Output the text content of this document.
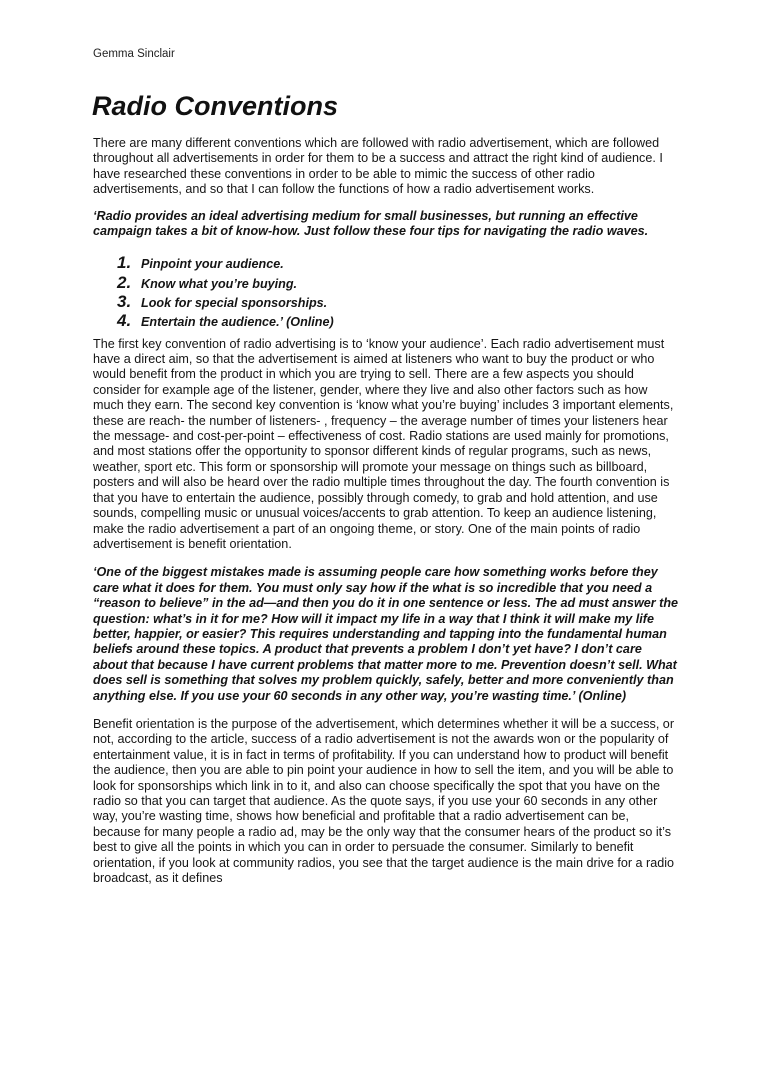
Gemma Sinclair
Radio Conventions

There are many different conventions which are followed with radio advertisement, which are followed throughout all advertisements in order for them to be a success and attract the right kind of audience. I have researched these conventions in order to be able to mimic the success of other radio advertisements, and so that I can follow the functions of how a radio advertisement works.

‘Radio provides an ideal advertising medium for small businesses, but running an effective campaign takes a bit of know-how. Just follow these four tips for navigating the radio waves.

1. Pinpoint your audience.
2. Know what you’re buying.
3. Look for special sponsorships.
4. Entertain the audience.’ (Online)

The first key convention of radio advertising is to ‘know your audience’. Each radio advertisement must have a direct aim, so that the advertisement is aimed at listeners who want to buy the product or who would benefit from the product in which you are trying to sell. There are a few aspects you should consider for example age of the listener, gender, where they live and also other factors such as how much they earn. The second key convention is ‘know what you’re buying’ includes 3 important elements, these are reach- the number of listeners- , frequency – the average number of times your listeners hear the message- and cost-per-point – effectiveness of cost. Radio stations are used mainly for promotions, and most stations offer the opportunity to sponsor different kinds of regular programs, such as news, weather, sport etc. This form or sponsorship will promote your message on things such as billboard, posters and will also be heard over the radio multiple times throughout the day. The fourth convention is that you have to entertain the audience, possibly through comedy, to grab and hold attention, and use sounds, compelling music or unusual voices/accents to grab attention. To keep an audience listening, make the radio advertisement a part of an ongoing theme, or story. One of the main points of radio advertisement is benefit orientation.

‘One of the biggest mistakes made is assuming people care how something works before they care what it does for them. You must only say how if the what is so incredible that you need a “reason to believe” in the ad—and then you do it in one sentence or less. The ad must answer the question: what’s in it for me? How will it impact my life in a way that I think it will make my life better, happier, or easier? This requires understanding and tapping into the fundamental human beliefs around these topics. A product that prevents a problem I don’t yet have? I don’t care about that because I have current problems that matter more to me. Prevention doesn’t sell. What does sell is something that solves my problem quickly, safely, better and more conveniently than anything else. If you use your 60 seconds in any other way, you’re wasting time.’ (Online)

Benefit orientation is the purpose of the advertisement, which determines whether it will be a success, or not, according to the article, success of a radio advertisement is not the awards won or the popularity of entertainment value, it is in fact in terms of profitability. If you can understand how to product will benefit the audience, then you are able to pin point your audience in how to sell the item, and you will be able to look for sponsorships which link in to it, and also can choose specifically the spot that you have on the radio so that you can target that audience. As the quote says, if you use your 60 seconds in any other way, you’re wasting time, shows how beneficial and profitable that a radio advertisement can be, because for many people a radio ad, may be the only way that the consumer hears of the product so it’s best to give all the points in which you can in order to persuade the consumer. Similarly to benefit orientation, if you look at community radios, you see that the target audience is the main drive for a radio broadcast, as it defines
